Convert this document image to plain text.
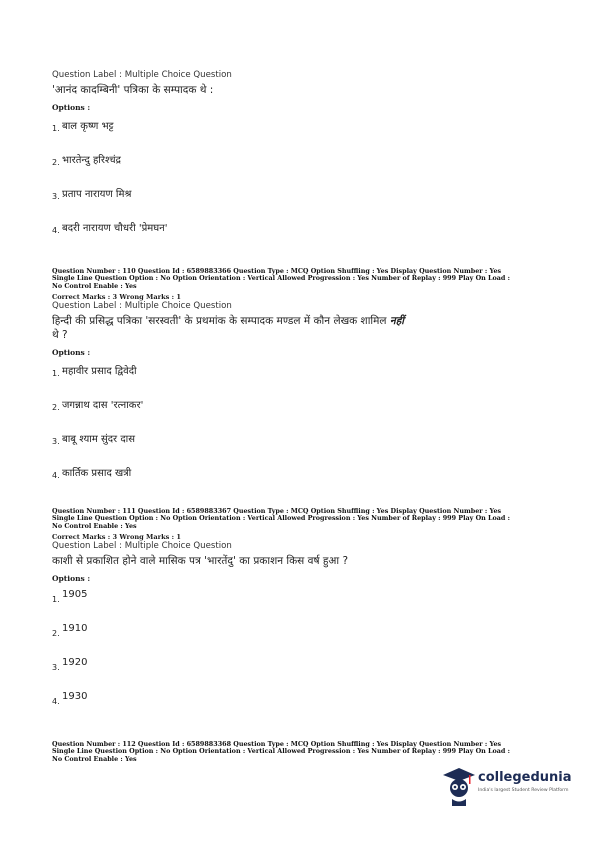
Question Label : Multiple Choice Question
'आनंद कादम्बिनी' पत्रिका के सम्पादक थे :
Options :
1. बाल कृष्ण भट्ट
2. भारतेन्दु हरिश्चंद्र
3. प्रताप नारायण मिश्र
4. बदरी नारायण चौधरी 'प्रेमघन'
Question Number : 110 Question Id : 6589883366 Question Type : MCQ Option Shuffling : Yes Display Question Number : Yes
Single Line Question Option : No Option Orientation : Vertical Allowed Progression : Yes Number of Replay : 999 Play On Load :
No Control Enable : Yes
Correct Marks : 3 Wrong Marks : 1
Question Label : Multiple Choice Question
हिन्दी की प्रसिद्ध पत्रिका 'सरस्वती' के प्रथमांक के सम्पादक मण्डल में कौन लेखक शामिल नहीं
थे ?
Options :
1. महावीर प्रसाद द्विवेदी
2. जगन्नाथ दास 'रत्नाकर'
3. बाबू श्याम सुंदर दास
4. कार्तिक प्रसाद खत्री
Question Number : 111 Question Id : 6589883367 Question Type : MCQ Option Shuffling : Yes Display Question Number : Yes
Single Line Question Option : No Option Orientation : Vertical Allowed Progression : Yes Number of Replay : 999 Play On Load :
No Control Enable : Yes
Correct Marks : 3 Wrong Marks : 1
Question Label : Multiple Choice Question
काशी से प्रकाशित होने वाले मासिक पत्र 'भारतेंदु' का प्रकाशन किस वर्ष हुआ ?
Options :
1. 1905
2. 1910
3. 1920
4. 1930
Question Number : 112 Question Id : 6589883368 Question Type : MCQ Option Shuffling : Yes Display Question Number : Yes
Single Line Question Option : No Option Orientation : Vertical Allowed Progression : Yes Number of Replay : 999 Play On Load :
No Control Enable : Yes
collegedunia
India's largest Student Review Platform
